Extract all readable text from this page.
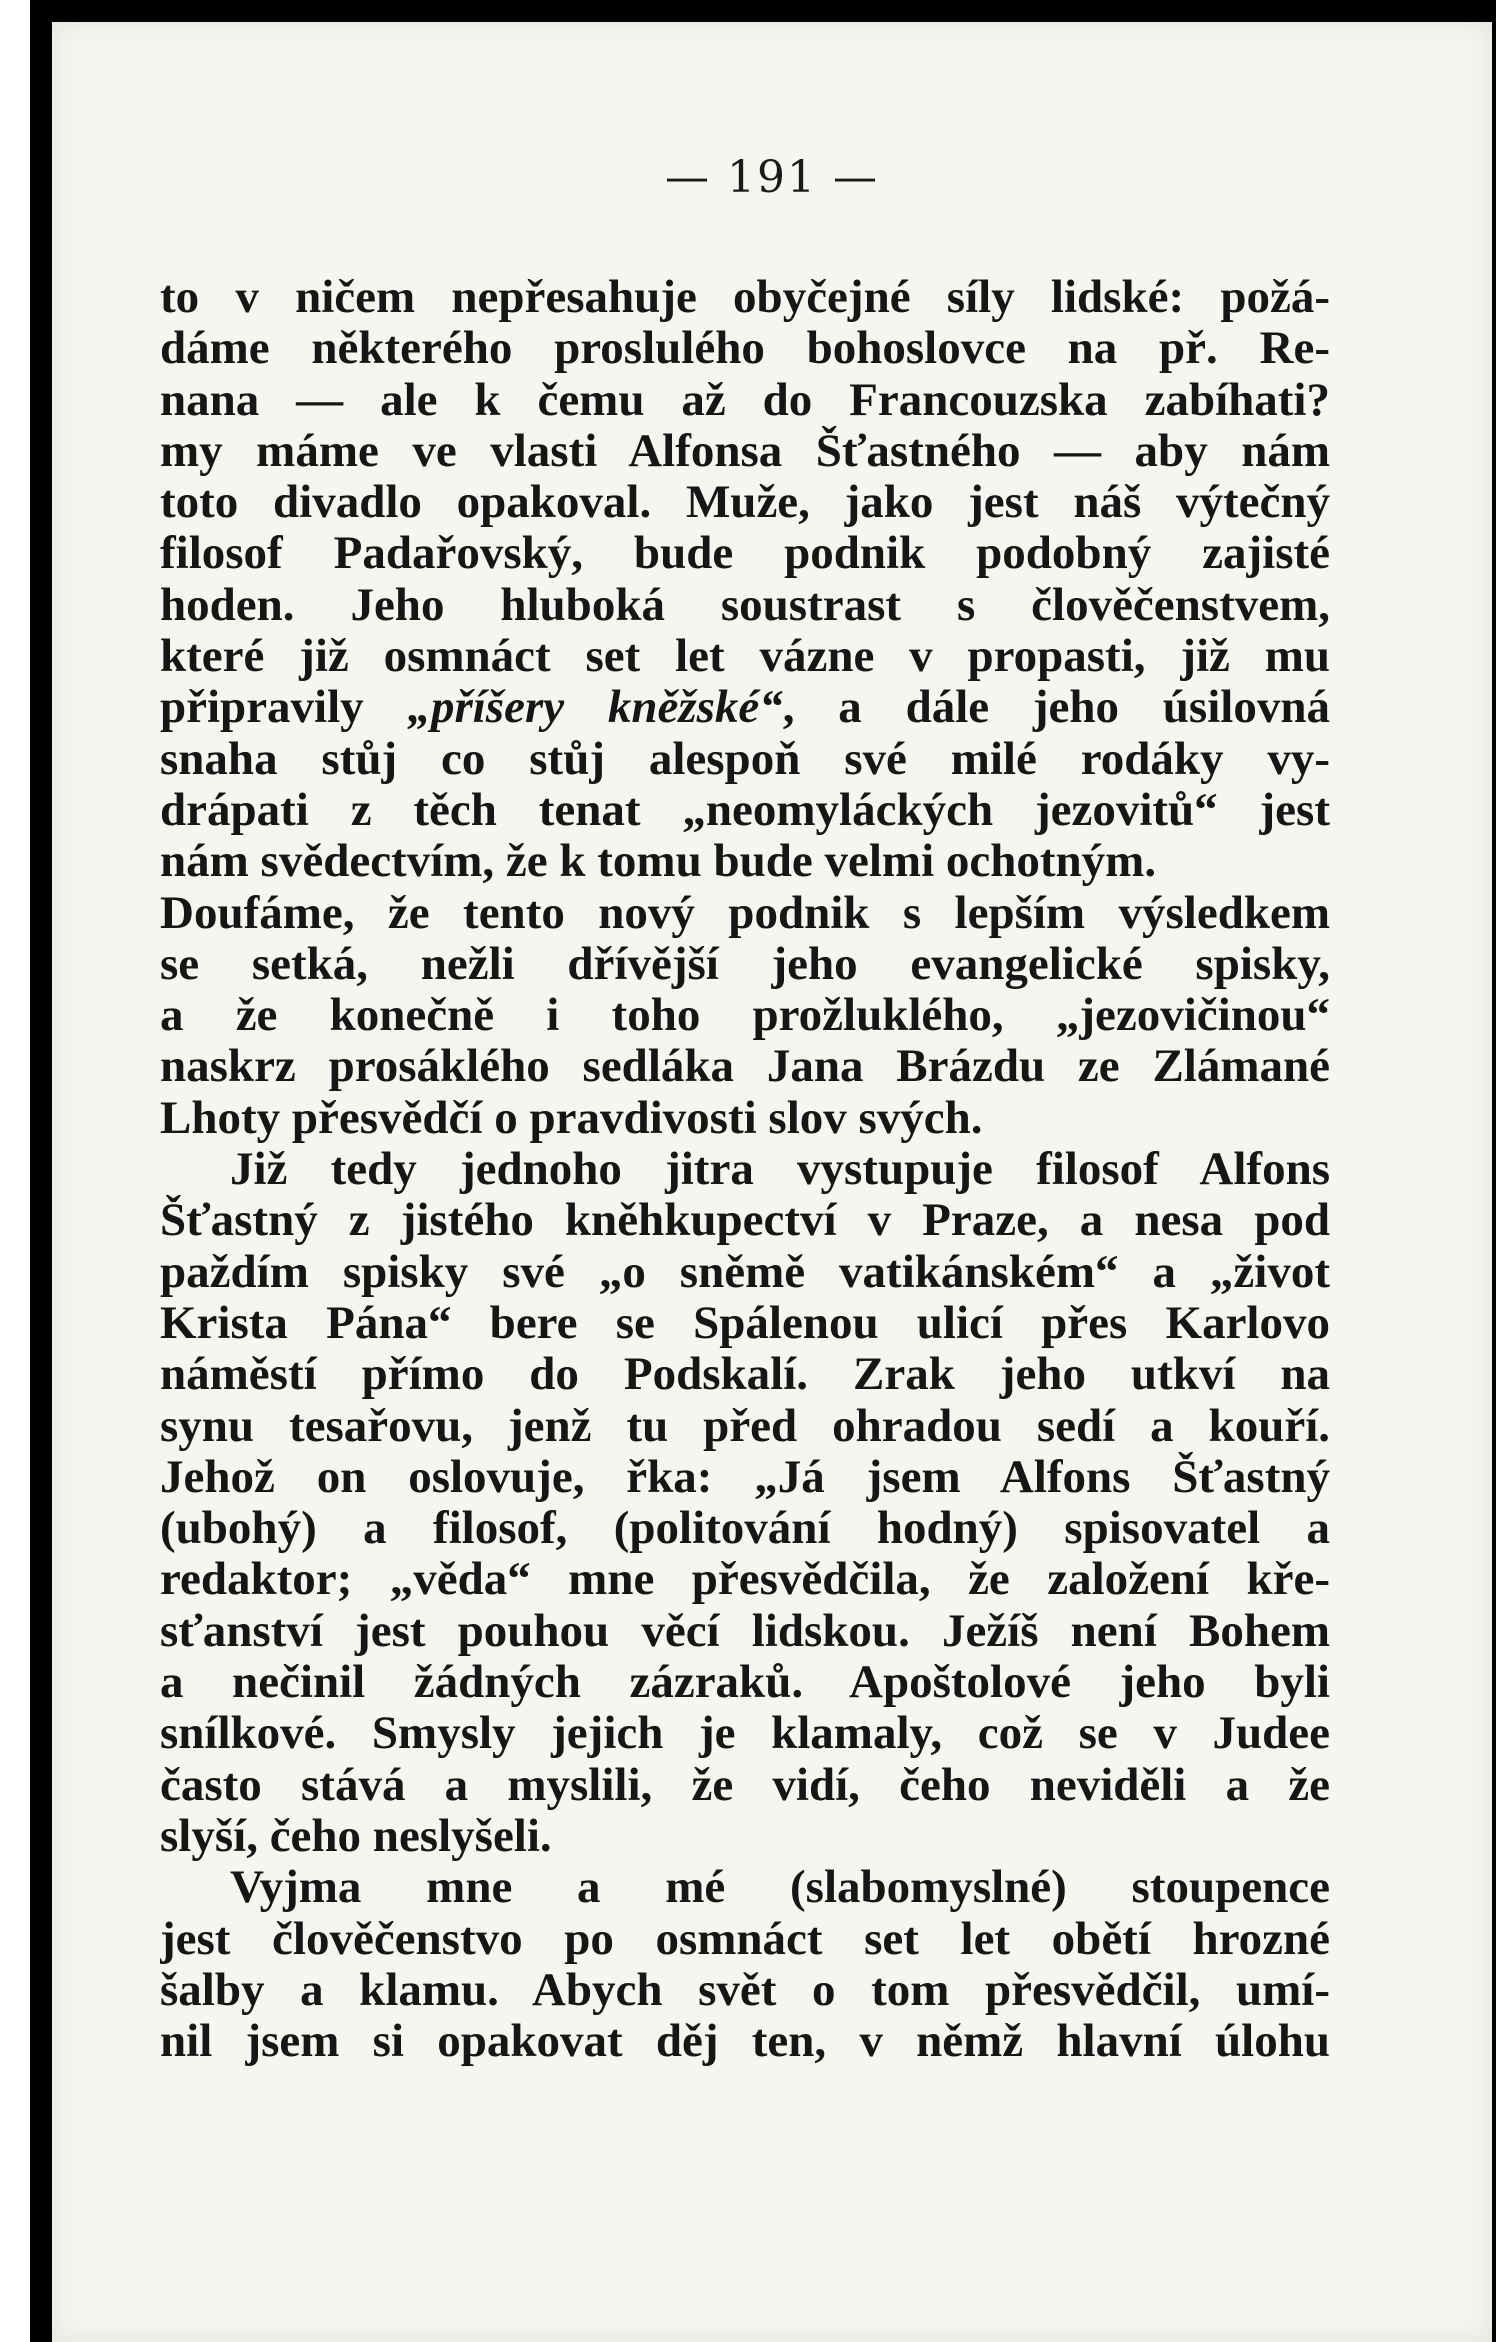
— 191 —
to v ničem nepřesahuje obyčejné síly lidské: požá-
dáme některého proslulého bohoslovce na př. Re-
nana — ale k čemu až do Francouzska zabíhati?
my máme ve vlasti Alfonsa Šťastného — aby nám
toto divadlo opakoval. Muže, jako jest náš výtečný
filosof Padařovský, bude podnik podobný zajisté
hoden. Jeho hluboká soustrast s člověčenstvem,
které již osmnáct set let vázne v propasti, již mu
připravily „příšery kněžské“, a dále jeho úsilovná
snaha stůj co stůj alespoň své milé rodáky vy-
drápati z těch tenat „neomyláckých jezovitů“ jest
nám svědectvím, že k tomu bude velmi ochotným.
Doufáme, že tento nový podnik s lepším výsledkem
se setká, nežli dřívější jeho evangelické spisky,
a že konečně i toho prožluklého, „jezovičinou“
naskrz prosáklého sedláka Jana Brázdu ze Zlámané
Lhoty přesvědčí o pravdivosti slov svých.
Již tedy jednoho jitra vystupuje filosof Alfons
Šťastný z jistého kněhkupectví v Praze, a nesa pod
paždím spisky své „o sněmě vatikánském“ a „život
Krista Pána“ bere se Spálenou ulicí přes Karlovo
náměstí přímo do Podskalí. Zrak jeho utkví na
synu tesařovu, jenž tu před ohradou sedí a kouří.
Jehož on oslovuje, řka: „Já jsem Alfons Šťastný
(ubohý) a filosof, (politování hodný) spisovatel a
redaktor; „věda“ mne přesvědčila, že založení kře-
sťanství jest pouhou věcí lidskou. Ježíš není Bohem
a nečinil žádných zázraků. Apoštolové jeho byli
snílkové. Smysly jejich je klamaly, což se v Judee
často stává a myslili, že vidí, čeho neviděli a že
slyší, čeho neslyšeli.
Vyjma mne a mé (slabomyslné) stoupence
jest člověčenstvo po osmnáct set let obětí hrozné
šalby a klamu. Abych svět o tom přesvědčil, umí-
nil jsem si opakovat děj ten, v němž hlavní úlohu
